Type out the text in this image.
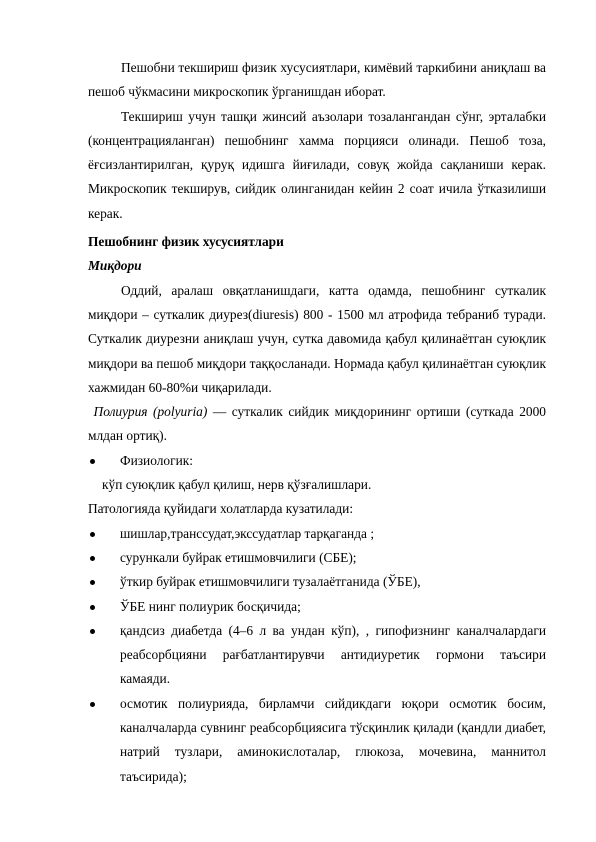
Пешобни текшириш физик хусусиятлари, кимёвий таркибини аниқлаш ва пешоб чўкмасини микроскопик ўрганишдан иборат.

Текшириш учун ташқи жинсий аъзолари тозалангандан сўнг, эрталабки (концентрацияланган) пешобнинг хамма порцияси олинади. Пешоб тоза, ёғсизлантирилган, қуруқ идишга йиғилади, совуқ жойда сақланиши керак. Микроскопик текширув, сийдик олинганидан кейин 2 соат ичила ўтказилиши керак.

Пешобнинг физик хусусиятлари

Миқдори

Оддий, аралаш овқатланишдаги, катта одамда, пешобнинг суткалик миқдори – суткалик диурез(diuresis) 800 - 1500 мл атрофида тебраниб туради. Суткалик диурезни аниқлаш учун, сутка давомида қабул қилинаётган суюқлик миқдори ва пешоб миқдори таққосланади. Нормада қабул қилинаётган суюқлик хажмидан 60-80%и чиқарилади.

Полиурия (polyuria) — суткалик сийдик миқдорининг ортиши (суткада 2000 млдан ортиқ).

Физиологик:

кўп суюқлик қабул қилиш, нерв қўзғалишлари.

Патологияда қуйидаги холатларда кузатилади:

шишлар,транссудат,экссудатлар тарқаганда ;
сурункали буйрак етишмовчилиги (СБЕ);
ўткир буйрак етишмовчилиги тузалаётганида (ЎБЕ),
ЎБЕ нинг полиурик босқичида;
қандсиз диабетда (4–6 л ва ундан кўп), , гипофизнинг каналчалардаги реабсорбцияни рағбатлантирувчи антидиуретик гормони таъсири камаяди.
осмотик полиурияда, бирламчи сийдикдаги юқори осмотик босим, каналчаларда сувнинг реабсорбциясига тўсқинлик қилади (қандли диабет, натрий тузлари, аминокислоталар, глюкоза, мочевина, маннитол таъсирида);
